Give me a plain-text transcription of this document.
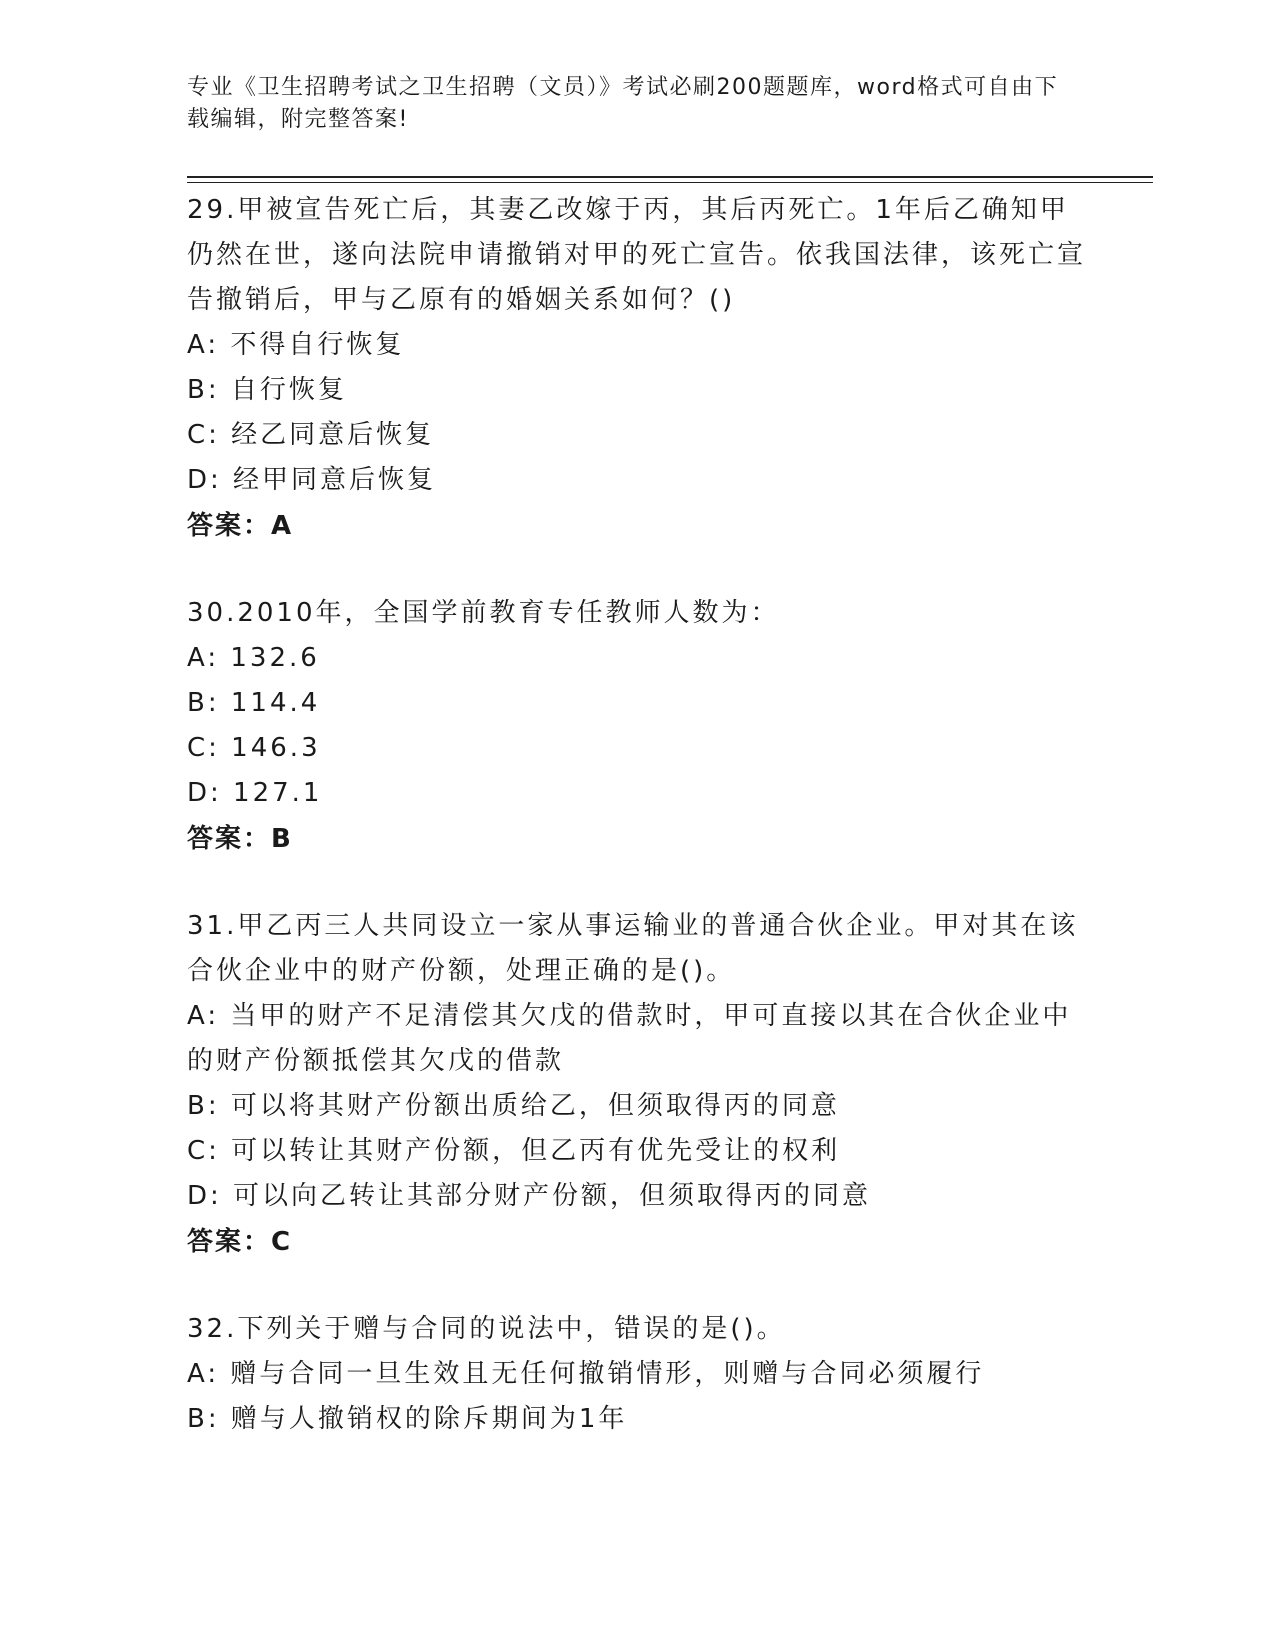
专业《卫生招聘考试之卫生招聘（文员）》考试必刷200题题库，word格式可自由下载编辑，附完整答案!
29.甲被宣告死亡后，其妻乙改嫁于丙，其后丙死亡。1年后乙确知甲仍然在世，遂向法院申请撤销对甲的死亡宣告。依我国法律，该死亡宣告撤销后，甲与乙原有的婚姻关系如何？()
A: 不得自行恢复
B: 自行恢复
C: 经乙同意后恢复
D: 经甲同意后恢复
答案：A
30.2010年，全国学前教育专任教师人数为：
A: 132.6
B: 114.4
C: 146.3
D: 127.1
答案：B
31.甲乙丙三人共同设立一家从事运输业的普通合伙企业。甲对其在该合伙企业中的财产份额，处理正确的是()。
A: 当甲的财产不足清偿其欠戊的借款时，甲可直接以其在合伙企业中的财产份额抵偿其欠戊的借款
B: 可以将其财产份额出质给乙，但须取得丙的同意
C: 可以转让其财产份额，但乙丙有优先受让的权利
D: 可以向乙转让其部分财产份额，但须取得丙的同意
答案：C
32.下列关于赠与合同的说法中，错误的是()。
A: 赠与合同一旦生效且无任何撤销情形，则赠与合同必须履行
B: 赠与人撤销权的除斥期间为1年
